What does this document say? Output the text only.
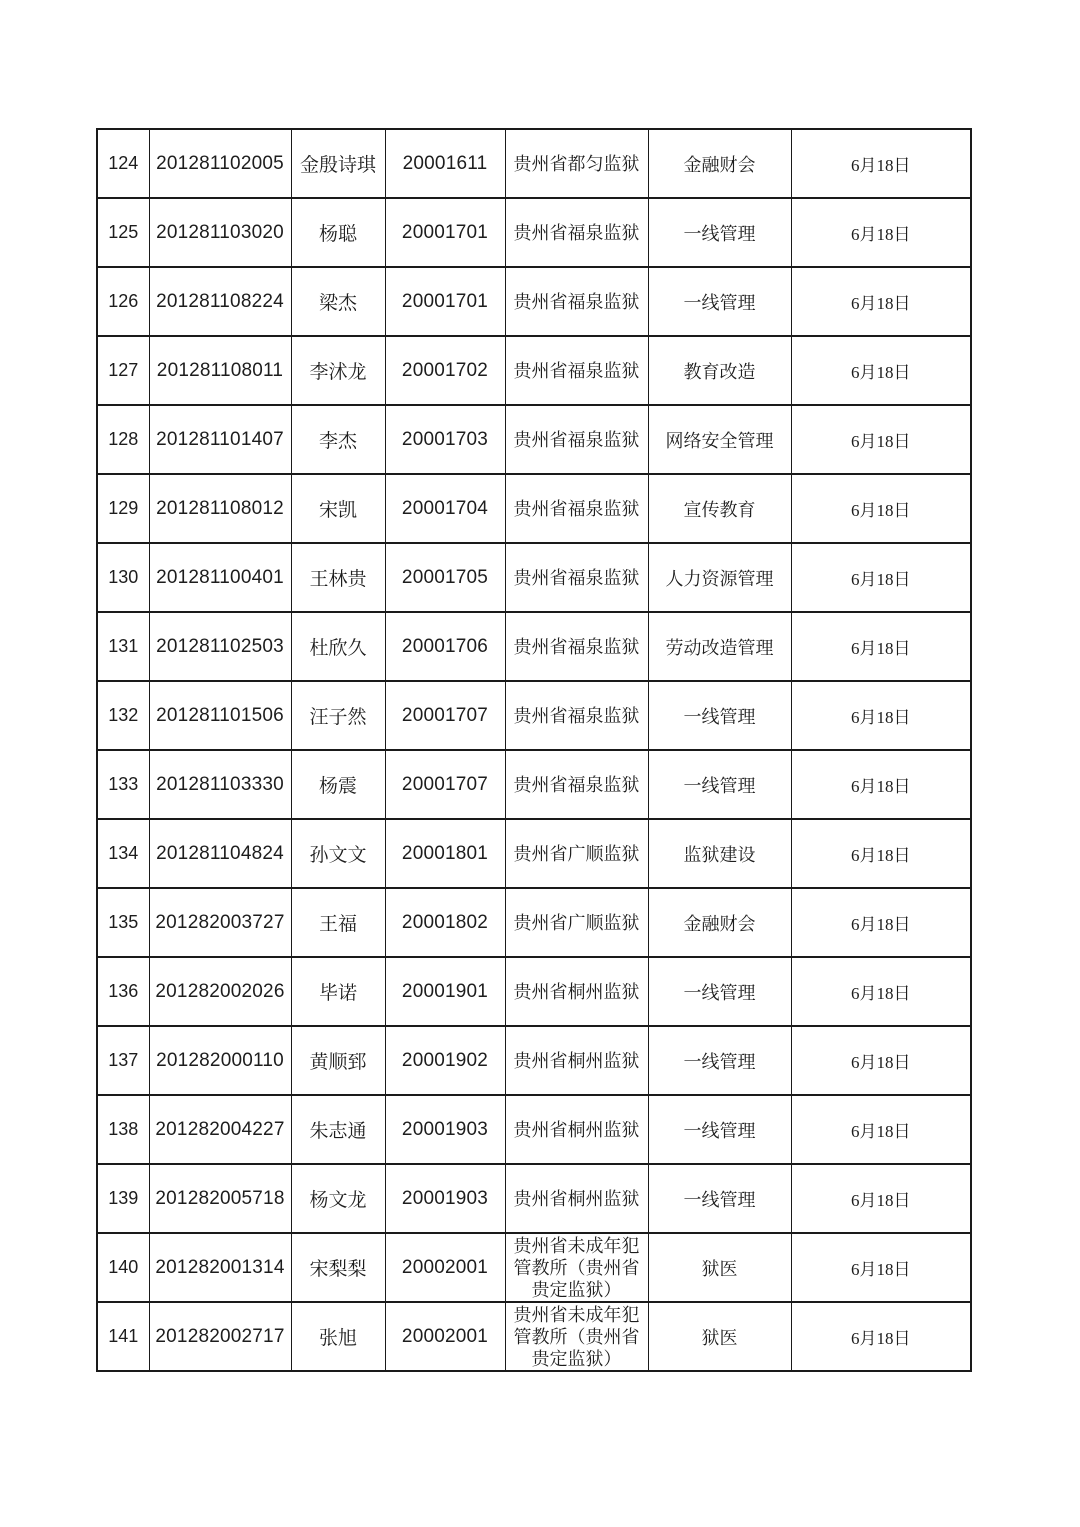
124	201281102005	金殷诗琪	20001611	贵州省都匀监狱	金融财会	6月18日
125	201281103020	杨聪	20001701	贵州省福泉监狱	一线管理	6月18日
126	201281108224	梁杰	20001701	贵州省福泉监狱	一线管理	6月18日
127	201281108011	李沭龙	20001702	贵州省福泉监狱	教育改造	6月18日
128	201281101407	李杰	20001703	贵州省福泉监狱	网络安全管理	6月18日
129	201281108012	宋凯	20001704	贵州省福泉监狱	宣传教育	6月18日
130	201281100401	王林贵	20001705	贵州省福泉监狱	人力资源管理	6月18日
131	201281102503	杜欣久	20001706	贵州省福泉监狱	劳动改造管理	6月18日
132	201281101506	汪子然	20001707	贵州省福泉监狱	一线管理	6月18日
133	201281103330	杨震	20001707	贵州省福泉监狱	一线管理	6月18日
134	201281104824	孙文文	20001801	贵州省广顺监狱	监狱建设	6月18日
135	201282003727	王福	20001802	贵州省广顺监狱	金融财会	6月18日
136	201282002026	毕诺	20001901	贵州省桐州监狱	一线管理	6月18日
137	201282000110	黄顺郅	20001902	贵州省桐州监狱	一线管理	6月18日
138	201282004227	朱志通	20001903	贵州省桐州监狱	一线管理	6月18日
139	201282005718	杨文龙	20001903	贵州省桐州监狱	一线管理	6月18日
140	201282001314	宋梨梨	20002001	贵州省未成年犯管教所（贵州省贵定监狱）	狱医	6月18日
141	201282002717	张旭	20002001	贵州省未成年犯管教所（贵州省贵定监狱）	狱医	6月18日
